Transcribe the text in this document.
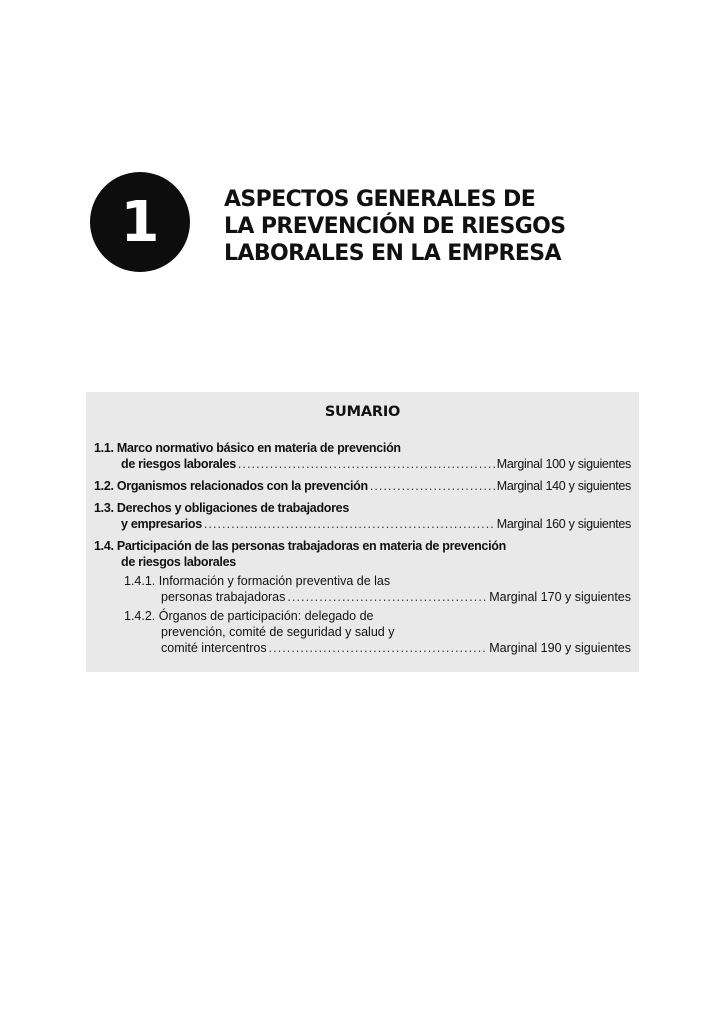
1	ASPECTOS GENERALES DE
LA PREVENCIÓN DE RIESGOS
LABORALES EN LA EMPRESA
SUMARIO
1.1.
Marco normativo básico en materia de prevención
de riesgos laborales . . .	Marginal 100 y siguientes
1.2.
Organismos relacionados con la prevención . . .	Marginal 140 y siguientes
1.3.
Derechos y obligaciones de trabajadores
y empresarios . . .	Marginal 160 y siguientes
1.4.
Participación de las personas trabajadoras en materia de prevención
de riesgos laborales
1.4.1.
Información y formación preventiva de las
personas trabajadoras . . .	Marginal 170 y siguientes
1.4.2.
Órganos de participación: delegado de
prevención, comité de seguridad y salud y
comité intercentros . . .	Marginal 190 y siguientes
